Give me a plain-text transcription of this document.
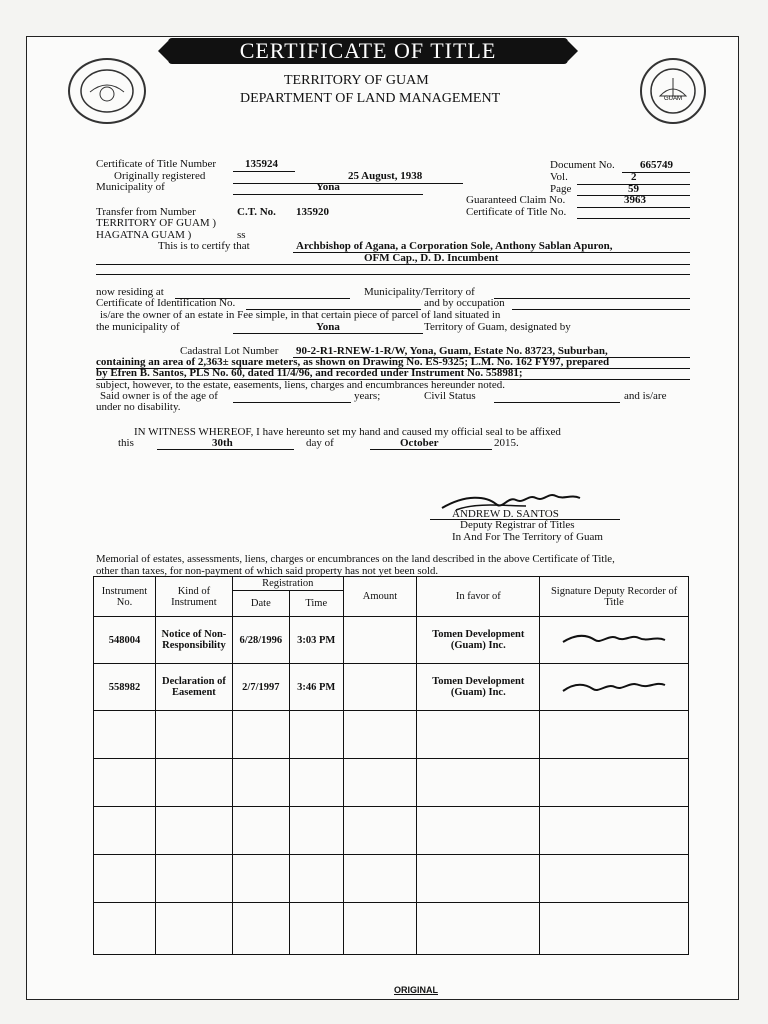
GUAM
CERTIFICATE OF TITLE
TERRITORY OF GUAM
DEPARTMENT OF LAND MANAGEMENT
Certificate of Title Number	135924
Originally registered	25 August, 1938
Municipality of	Yona
Document No. 665749
Vol.	2
Page	59
Guaranteed Claim No.	3963
Certificate of Title No.
Transfer from Number	C.T. No. 135920
TERRITORY OF GUAM )
HAGATNA GUAM )	ss
This is to certify that	Archbishop of Agana, a Corporation Sole, Anthony Sablan Apuron,
OFM Cap., D. D. Incumbent
now residing at	Municipality/Territory of
Certificate of Identification No.	and by occupation
is/are the owner of an estate in Fee simple, in that certain piece of parcel of land situated in
the municipality of	Yona	Territory of Guam, designated by
Cadastral Lot Number 90-2-R1-RNEW-1-R/W, Yona, Guam, Estate No. 83723, Suburban,
containing an area of 2,363± square meters, as shown on Drawing No. ES-9325; L.M. No. 162 FY97, prepared
by Efren B. Santos, PLS No. 60, dated 11/4/96, and recorded under Instrument No. 558981;
subject, however, to the estate, easements, liens, charges and encumbrances hereunder noted.
Said owner is of the age of	years;	Civil Status	and is/are
under no disability.
IN WITNESS WHEREOF, I have hereunto set my hand and caused my official seal to be affixed
this	30th	day of	October	2015.
ANDREW D. SANTOS
Deputy Registrar of Titles
In And For The Territory of Guam
Memorial of estates, assessments, liens, charges or encumbrances on the land described in the above Certificate of Title,
other than taxes, for non-payment of which said property has not yet been sold.
Instrument No.	Kind of Instrument	Registration		Amount	In favor of	Signature Deputy Recorder of Title
		Date	Time			
548004	Notice of Non-Responsibility	6/28/1996	3:03 PM		Tomen Development (Guam) Inc.	
558982	Declaration of Easement	2/7/1997	3:46 PM		Tomen Development (Guam) Inc.	

ORIGINAL
